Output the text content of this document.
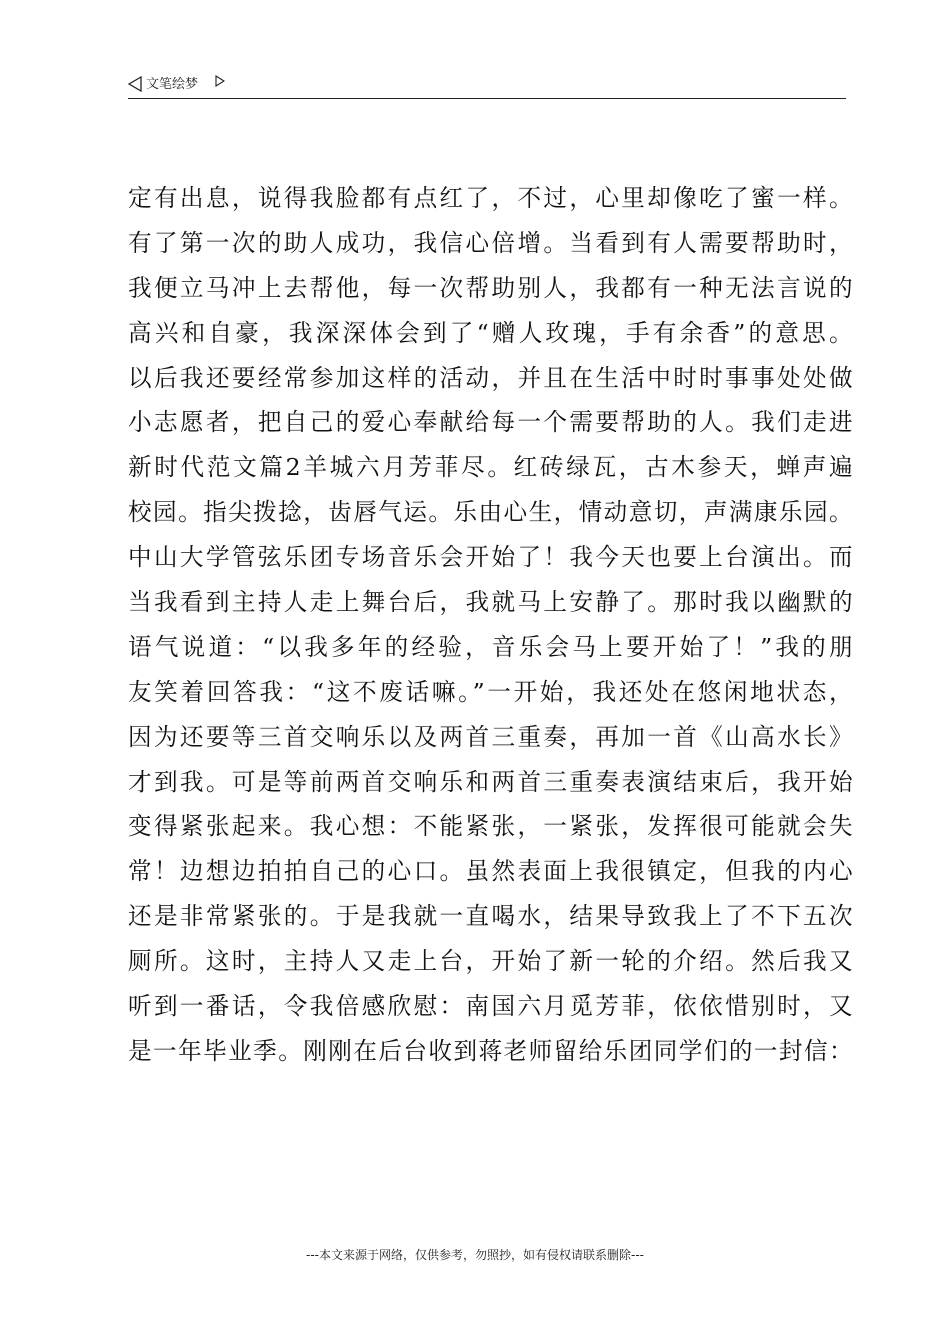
文笔绘梦
定有出息，说得我脸都有点红了，不过，心里却像吃了蜜一样。
有了第一次的助人成功，我信心倍增。当看到有人需要帮助时，
我便立马冲上去帮他，每一次帮助别人，我都有一种无法言说的
高兴和自豪，我深深体会到了“赠人玫瑰，手有余香”的意思。
以后我还要经常参加这样的活动，并且在生活中时时事事处处做
小志愿者，把自己的爱心奉献给每一个需要帮助的人。我们走进
新时代范文篇2羊城六月芳菲尽。红砖绿瓦，古木参天，蝉声遍
校园。指尖拨捻，齿唇气运。乐由心生，情动意切，声满康乐园。
中山大学管弦乐团专场音乐会开始了！我今天也要上台演出。而
当我看到主持人走上舞台后，我就马上安静了。那时我以幽默的
语气说道：“以我多年的经验，音乐会马上要开始了！”我的朋
友笑着回答我：“这不废话嘛。”一开始，我还处在悠闲地状态，
因为还要等三首交响乐以及两首三重奏，再加一首《山高水长》
才到我。可是等前两首交响乐和两首三重奏表演结束后，我开始
变得紧张起来。我心想：不能紧张，一紧张，发挥很可能就会失
常！边想边拍拍自己的心口。虽然表面上我很镇定，但我的内心
还是非常紧张的。于是我就一直喝水，结果导致我上了不下五次
厕所。这时，主持人又走上台，开始了新一轮的介绍。然后我又
听到一番话，令我倍感欣慰：南国六月觅芳菲，依依惜别时，又
是一年毕业季。刚刚在后台收到蒋老师留给乐团同学们的一封信：
---本文来源于网络，仅供参考，勿照抄，如有侵权请联系删除---
